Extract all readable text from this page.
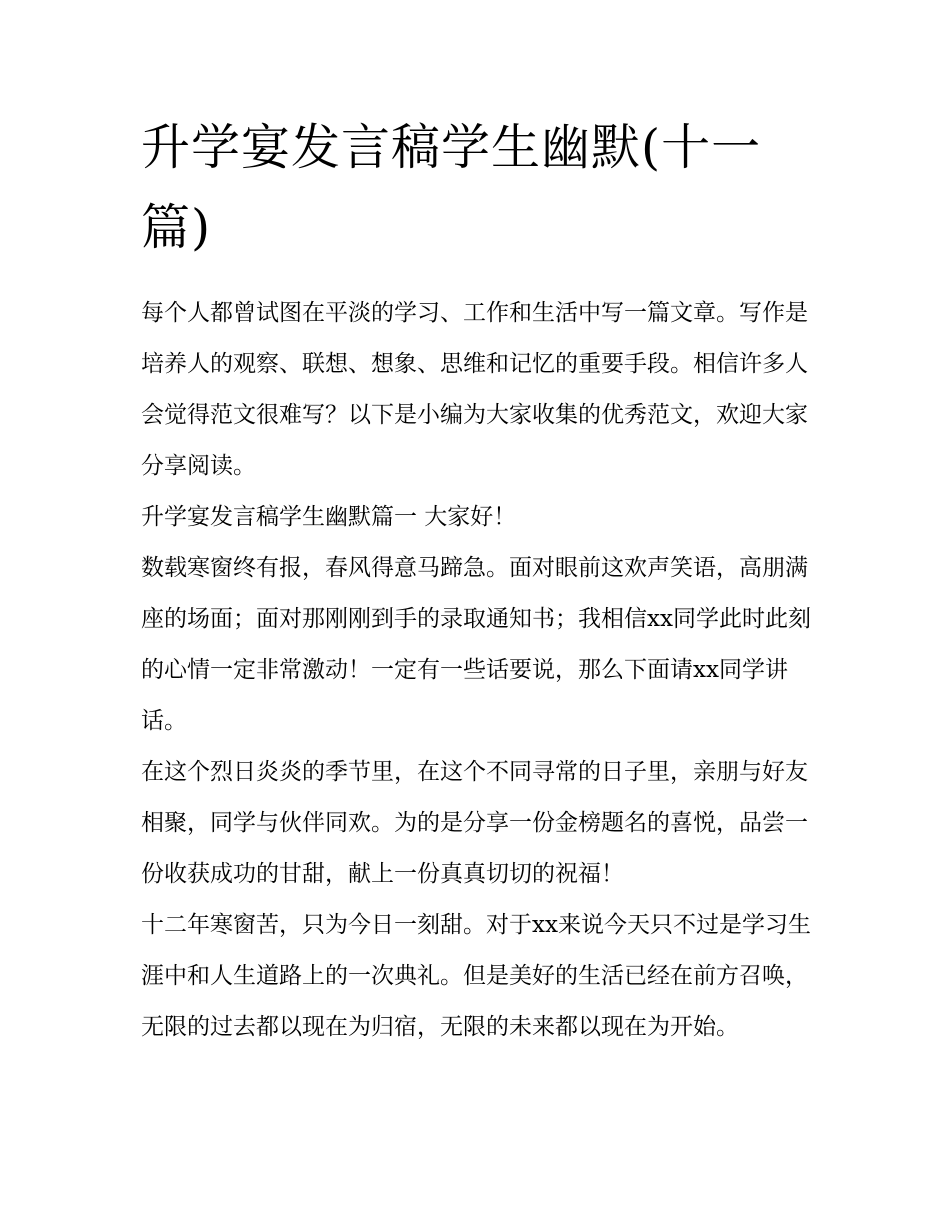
升学宴发言稿学生幽默(十一篇)

每个人都曾试图在平淡的学习、工作和生活中写一篇文章。写作是培养人的观察、联想、想象、思维和记忆的重要手段。相信许多人会觉得范文很难写？以下是小编为大家收集的优秀范文，欢迎大家分享阅读。

升学宴发言稿学生幽默篇一 大家好！

数载寒窗终有报，春风得意马蹄急。面对眼前这欢声笑语，高朋满座的场面；面对那刚刚到手的录取通知书；我相信xx同学此时此刻的心情一定非常激动！一定有一些话要说，那么下面请xx同学讲话。

在这个烈日炎炎的季节里，在这个不同寻常的日子里，亲朋与好友相聚，同学与伙伴同欢。为的是分享一份金榜题名的喜悦，品尝一份收获成功的甘甜，献上一份真真切切的祝福！

十二年寒窗苦，只为今日一刻甜。对于xx来说今天只不过是学习生涯中和人生道路上的一次典礼。但是美好的生活已经在前方召唤，无限的过去都以现在为归宿，无限的未来都以现在为开始。
